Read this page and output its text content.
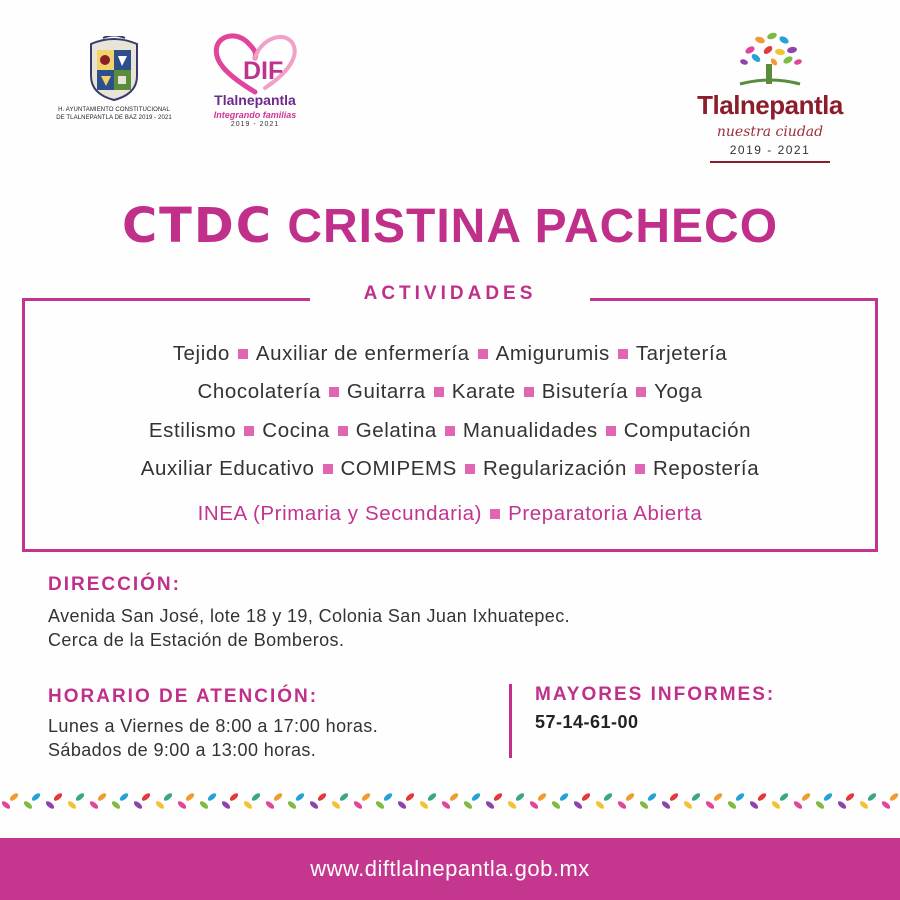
H. AYUNTAMIENTO CONSTITUCIONAL
DE TLALNEPANTLA DE BAZ 2019 - 2021
DIF
Tlalnepantla
Integrando familias
2019 - 2021
Tlalnepantla
nuestra ciudad
2019 - 2021
CTDC CRISTINA PACHECO
ACTIVIDADES
Tejido Auxiliar de enfermería Amigurumis Tarjetería
Chocolatería Guitarra Karate Bisutería Yoga
Estilismo Cocina Gelatina Manualidades Computación
Auxiliar Educativo COMIPEMS Regularización Repostería
INEA (Primaria y Secundaria) Preparatoria Abierta
DIRECCIÓN:
Avenida San José, lote 18 y 19, Colonia San Juan Ixhuatepec.
Cerca de la Estación de Bomberos.
HORARIO DE ATENCIÓN:
Lunes a Viernes de 8:00 a 17:00 horas.
Sábados de 9:00 a 13:00 horas.
MAYORES INFORMES:
57-14-61-00
www.diftlalnepantla.gob.mx
